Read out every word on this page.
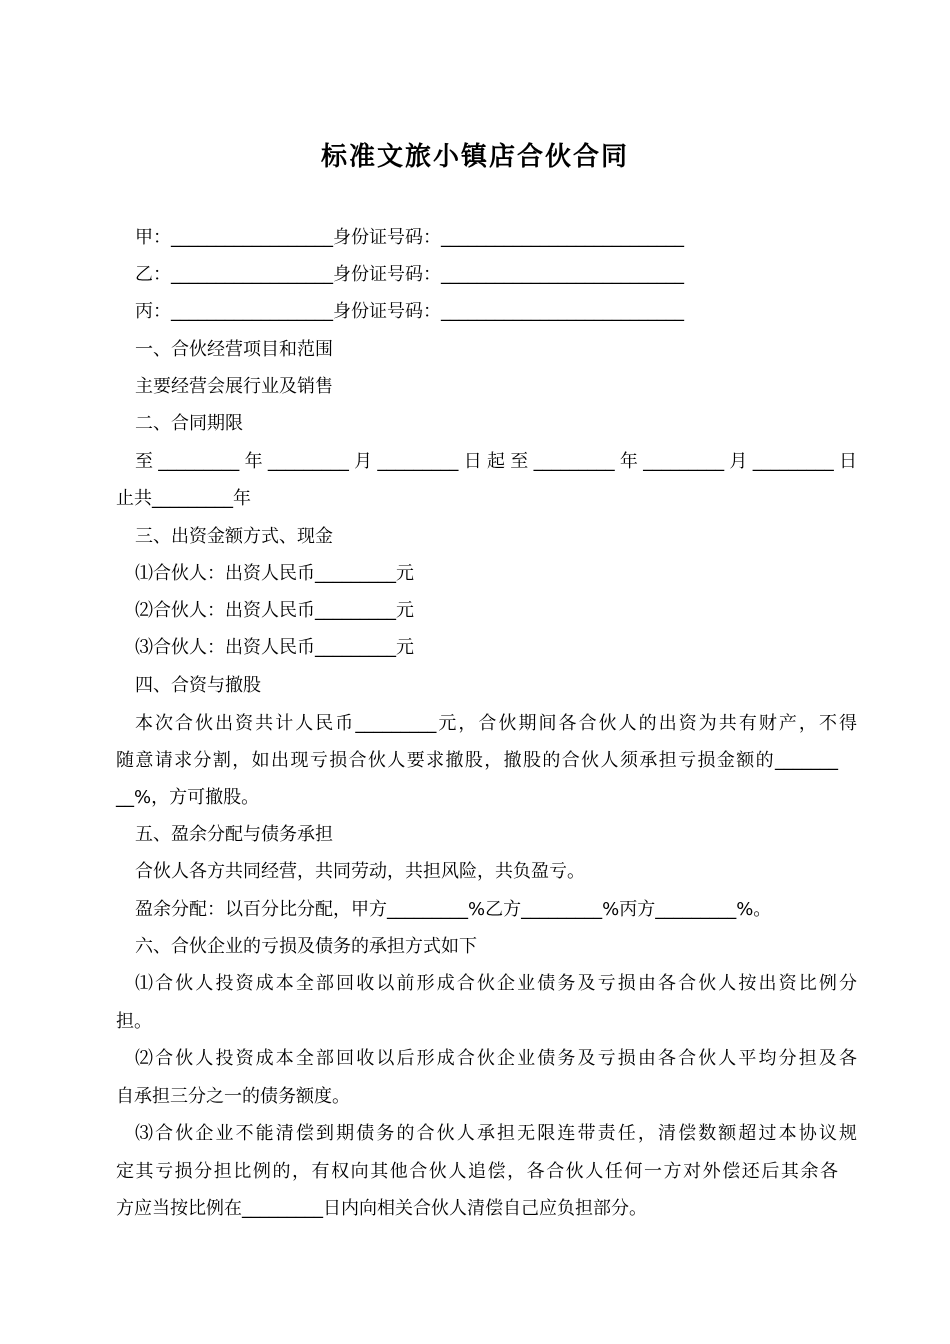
标准文旅小镇店合伙合同
甲：__________________身份证号码：___________________________
乙：__________________身份证号码：___________________________
丙：__________________身份证号码：___________________________
一、合伙经营项目和范围
主要经营会展行业及销售
二、合同期限
至_________年_________月_________日起至_________年_________月_________日
止共_________年
三、出资金额方式、现金
⑴合伙人：出资人民币_________元
⑵合伙人：出资人民币_________元
⑶合伙人：出资人民币_________元
四、合资与撤股
本次合伙出资共计人民币_________元，合伙期间各合伙人的出资为共有财产，不得
随意请求分割，如出现亏损合伙人要求撤股，撤股的合伙人须承担亏损金额的_______
__%，方可撤股。
五、盈余分配与债务承担
合伙人各方共同经营，共同劳动，共担风险，共负盈亏。
盈余分配：以百分比分配，甲方_________%乙方_________%丙方_________%。
六、合伙企业的亏损及债务的承担方式如下
⑴合伙人投资成本全部回收以前形成合伙企业债务及亏损由各合伙人按出资比例分
担。
⑵合伙人投资成本全部回收以后形成合伙企业债务及亏损由各合伙人平均分担及各
自承担三分之一的债务额度。
⑶合伙企业不能清偿到期债务的合伙人承担无限连带责任，清偿数额超过本协议规
定其亏损分担比例的，有权向其他合伙人追偿，各合伙人任何一方对外偿还后其余各
方应当按比例在_________日内向相关合伙人清偿自己应负担部分。
